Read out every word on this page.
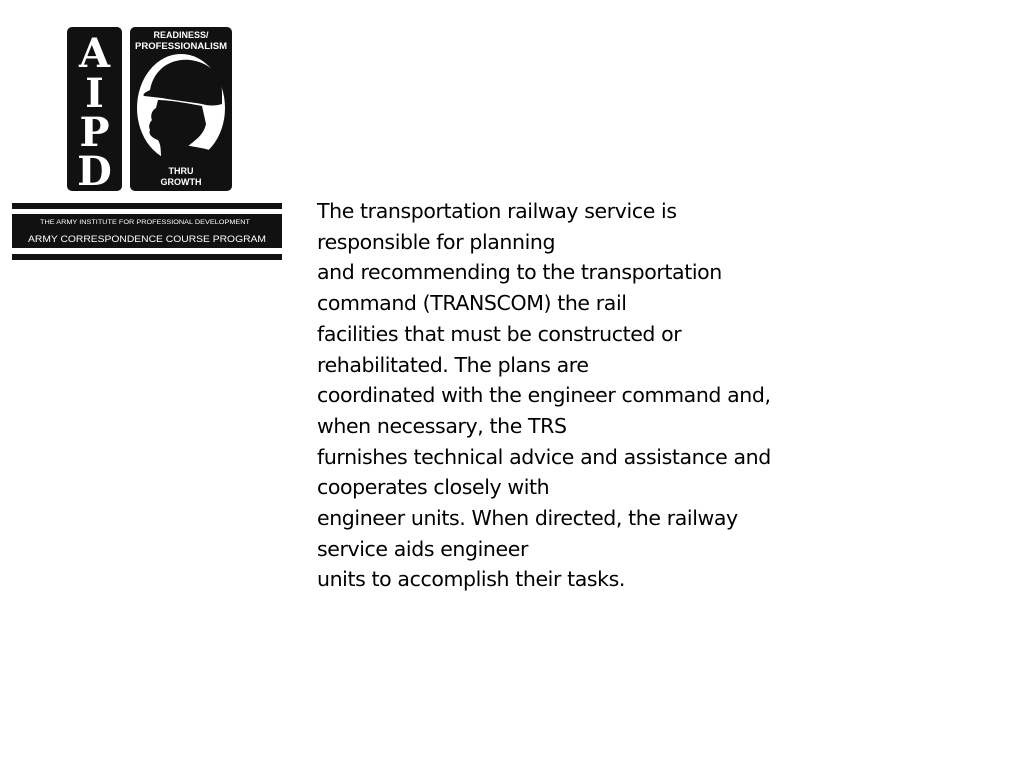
A
I
P
D
READINESS/
PROFESSIONALISM
THRU
GROWTH
THE ARMY INSTITUTE FOR PROFESSIONAL DEVELOPMENT
ARMY CORRESPONDENCE COURSE PROGRAM

The transportation railway service is
responsible for planning
and recommending to the transportation
command (TRANSCOM) the rail
facilities that must be constructed or
rehabilitated. The plans are
coordinated with the engineer command and,
when necessary, the TRS
furnishes technical advice and assistance and
cooperates closely with
engineer units. When directed, the railway
service aids engineer
units to accomplish their tasks.
